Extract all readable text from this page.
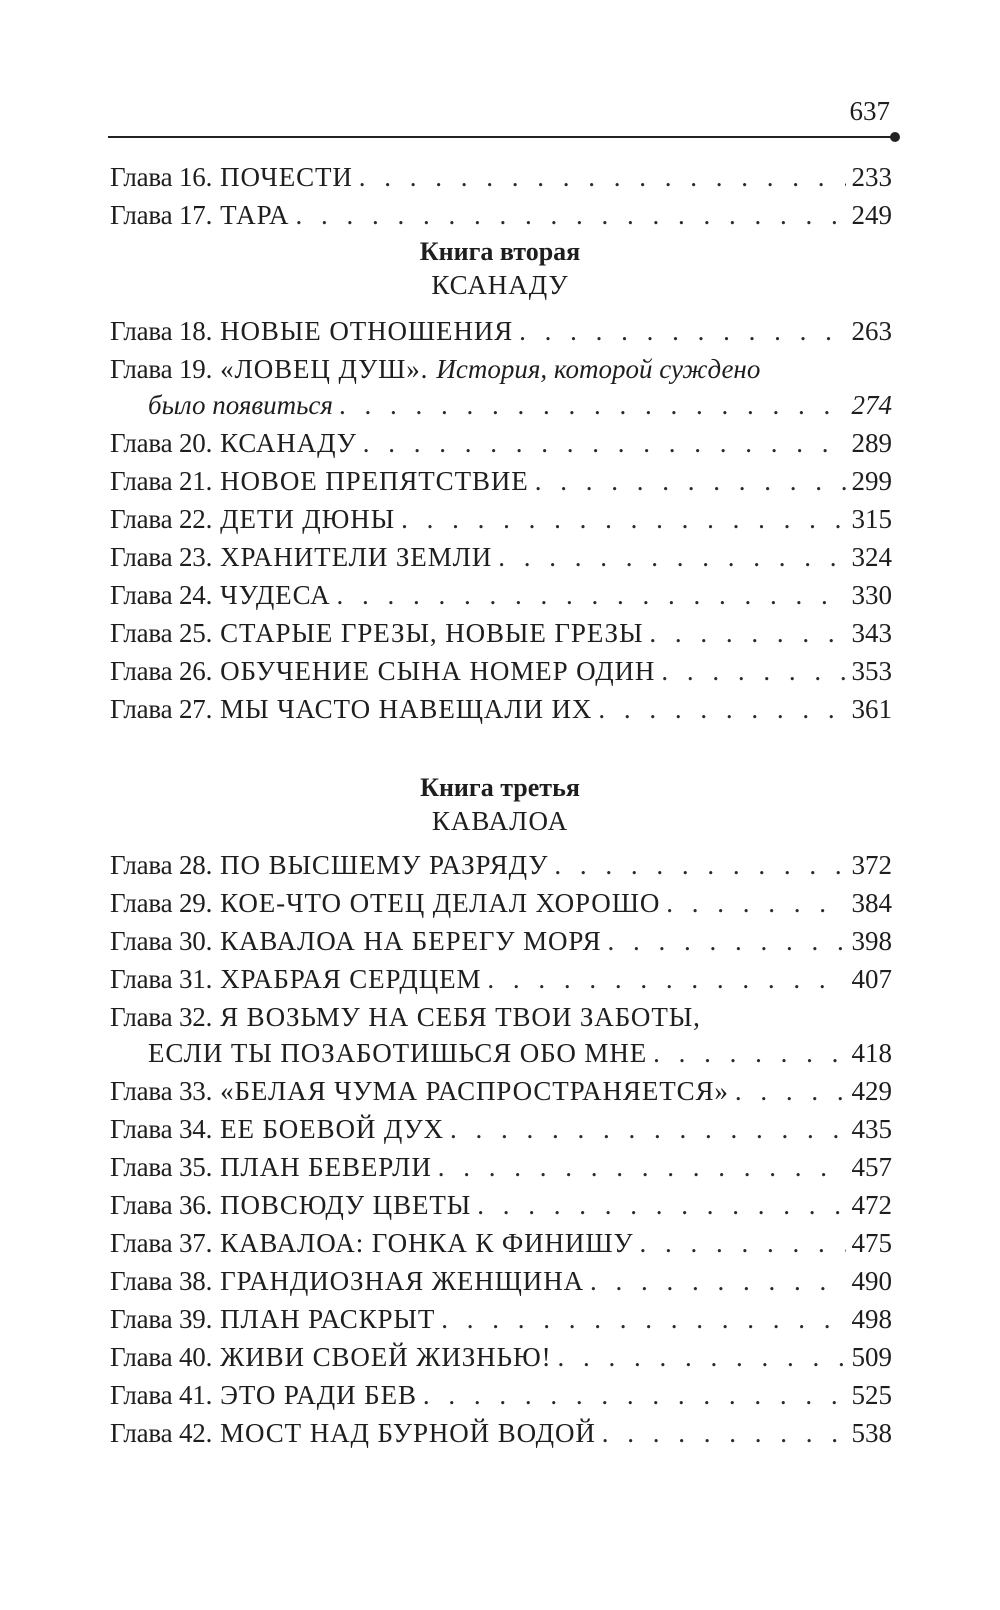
637
Глава 16. ПОЧЕСТИ . . .	233
Глава 17. ТАРА . . .	249
Книга вторая
КСАНАДУ
Глава 18. НОВЫЕ ОТНОШЕНИЯ . . .	263
Глава 19. «ЛОВЕЦ ДУШ». История, которой суждено
было появиться . . .	274
Глава 20. КСАНАДУ . . .	289
Глава 21. НОВОЕ ПРЕПЯТСТВИЕ . . .	299
Глава 22. ДЕТИ ДЮНЫ . . .	315
Глава 23. ХРАНИТЕЛИ ЗЕМЛИ . . .	324
Глава 24. ЧУДЕСА . . .	330
Глава 25. СТАРЫЕ ГРЕЗЫ, НОВЫЕ ГРЕЗЫ . . .	343
Глава 26. ОБУЧЕНИЕ СЫНА НОМЕР ОДИН . . .	353
Глава 27. МЫ ЧАСТО НАВЕЩАЛИ ИХ . . .	361
Книга третья
КАВАЛОА
Глава 28. ПО ВЫСШЕМУ РАЗРЯДУ . . .	372
Глава 29. КОЕ-ЧТО ОТЕЦ ДЕЛАЛ ХОРОШО . . .	384
Глава 30. КАВАЛОА НА БЕРЕГУ МОРЯ . . .	398
Глава 31. ХРАБРАЯ СЕРДЦЕМ . . .	407
Глава 32. Я ВОЗЬМУ НА СЕБЯ ТВОИ ЗАБОТЫ,
ЕСЛИ ТЫ ПОЗАБОТИШЬСЯ ОБО МНЕ . . .	418
Глава 33. «БЕЛАЯ ЧУМА РАСПРОСТРАНЯЕТСЯ» . . .	429
Глава 34. ЕЕ БОЕВОЙ ДУХ . . .	435
Глава 35. ПЛАН БЕВЕРЛИ . . .	457
Глава 36. ПОВСЮДУ ЦВЕТЫ . . .	472
Глава 37. КАВАЛОА: ГОНКА К ФИНИШУ . . .	475
Глава 38. ГРАНДИОЗНАЯ ЖЕНЩИНА . . .	490
Глава 39. ПЛАН РАСКРЫТ . . .	498
Глава 40. ЖИВИ СВОЕЙ ЖИЗНЬЮ! . . .	509
Глава 41. ЭТО РАДИ БЕВ . . .	525
Глава 42. МОСТ НАД БУРНОЙ ВОДОЙ . . .	538
